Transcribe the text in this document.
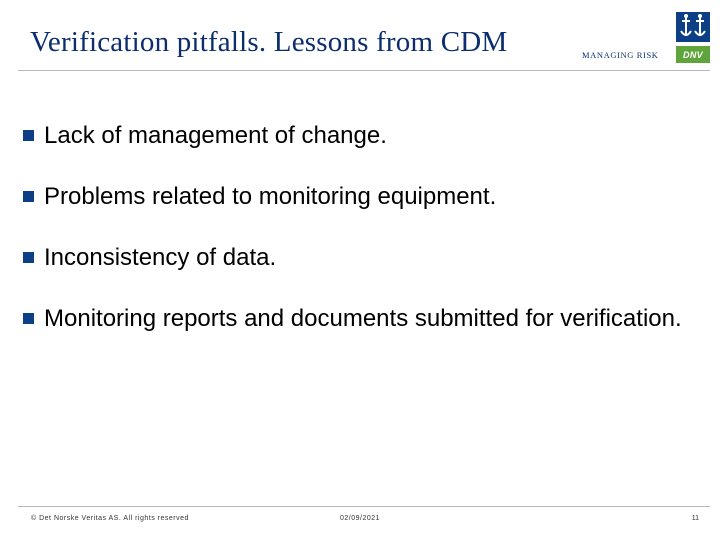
Verification pitfalls. Lessons from CDM	MANAGING RISK	DNV
Lack of management of change.
Problems related to monitoring equipment.
Inconsistency of data.
Monitoring reports and documents submitted for verification.
© Det Norske Veritas AS. All rights reserved	02/09/2021	11
